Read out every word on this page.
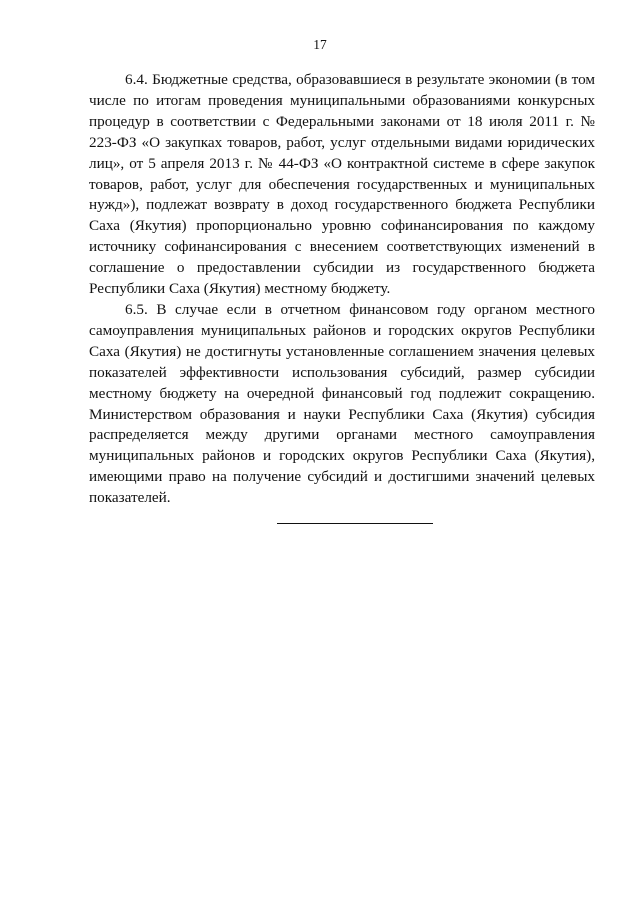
17

6.4. Бюджетные средства, образовавшиеся в результате экономии (в том числе по итогам проведения муниципальными образованиями конкурсных процедур в соответствии с Федеральными законами от 18 июля 2011 г. № 223-ФЗ «О закупках товаров, работ, услуг отдельными видами юридических лиц», от 5 апреля 2013 г. № 44-ФЗ «О контрактной системе в сфере закупок товаров, работ, услуг для обеспечения государственных и муниципальных нужд»), подлежат возврату в доход государственного бюджета Республики Саха (Якутия) пропорционально уровню софинансирования по каждому источнику софинансирования с внесением соответствующих изменений в соглашение о предоставлении субсидии из государственного бюджета Республики Саха (Якутия) местному бюджету.

6.5. В случае если в отчетном финансовом году органом местного самоуправления муниципальных районов и городских округов Республики Саха (Якутия) не достигнуты установленные соглашением значения целевых показателей эффективности использования субсидий, размер субсидии местному бюджету на очередной финансовый год подлежит сокращению. Министерством образования и науки Республики Саха (Якутия) субсидия распределяется между другими органами местного самоуправления муниципальных районов и городских округов Республики Саха (Якутия), имеющими право на получение субсидий и достигшими значений целевых показателей.
